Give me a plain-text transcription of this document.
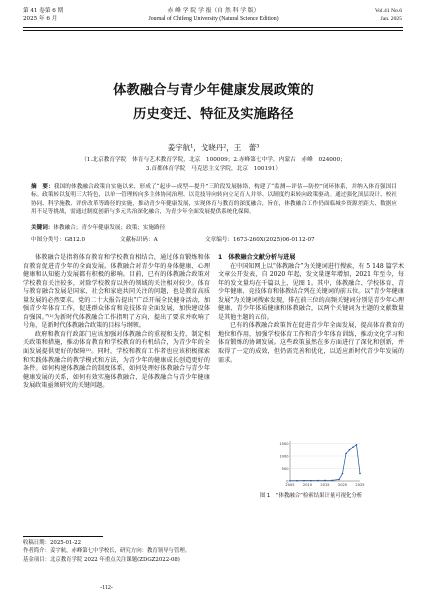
第 41 卷第 6 期
2025 年 6 月
赤 峰 学 院 学 报（自 然 科 学 版）
Journal of Chifeng University (Natural Science Edition)
Vol.41 No.6
Jan. 2025
体教融合与青少年健康发展政策的
历史变迁、特征及实施路径
姜宇航¹，戈晓丹²，王　蕾³
（1.北京教育学院　体育与艺术教育学院，北京　100009；2.赤峰第七中学，内蒙古　赤峰　024000；
3.首都体育学院　马克思主义学院，北京　100191）
摘　要：我国的体教融合政策自实施以来，形成了“起步—成型—提升”三阶段发展脉络，构建了“监测—评估—防控”闭环体系，并纳入体育强国目标。政策转以复明三大特色，以单一管理转向多主体协同治理、以竞技导向转向立足育人并举、以制度约束转向政策驱动。通过强化顶层设计、校社协同、科学施教、评价改革等路径的实施，推动青少年健康发展，实现体育与教育的深度融合，旨在，体教融合工作仍面临城乡资源差距大、数据应用不足等挑战，需通过制度创新与多元共治深化融合，为青少年全面发展提供系统化保障。
关键词：体教融合；青少年健康发展；政策；实施路径
中图分类号：G812.0	文献标识码：A	文章编号：1673-260X(2025)06-0112-07

体教融合是指将体育教育和学校教育相结合，通过体育锻炼和体育教育促进青少年的全面发展。体教融合对青少年的身体健康、心理健康和认知能力发展都有积极的影响。目前，已有的体教融合政策对学校教育关注较多，对除学校教育以外的领域的关注相对较少。体育与教育融合发展是国家、社会和家庭共同关注的问题，也是教育高质量发展的必然要求。党的二十大报告提出“广泛开展全民健身活动，加强青少年体育工作，促进群众体育和竞技体育全面发展，加快建设体育强国。”⁽¹⁾为新时代体教融合工作指明了方向，提出了要求并吹响了号角，是新时代体教融合政策的目标与纲领。

政府和教育行政部门应该加强对体教融合的重视和支持，制定相关政策和措施，推动体育教育和学校教育的有机结合，为青少年的全面发展提供更好的保障⁽²⁾。同时，学校和教育工作者也应该积极探索和实践体教融合的教学模式和方法，为青少年的健康成长创造更好的条件。如何构建体教融合的制度体系，如何处理好体教融合与青少年健康发展的关系，如何有效实施体教融合，是体教融合与青少年健康发展政策亟须研究的关键问题。

1　体教融合文献分析与进展

在中国知网上以“体教融合”为关键词进行搜索，有 5 148 篇学术文章公开发表，自 2020 年起，发文量逐年增加，2021 年至今，每年的发文量均在千篇以上，见图 1。其中，体教融合、学校体育、青少年健康、竞技体育和体教结合列在关键词的前五位。以“青少年健康发展”为关键词搜索发现，排在前三位的高频关键词分别是青少年心理健康、青少年体质健康和体教融合，以两个关键词为主题的文献数量是其他主题的五倍。

已有的体教融合政策旨在促进青少年全面发展，提高体育教育的地位和作用，加强学校体育工作和青少年体育训练，推动文化学习和体育锻炼的协调发展。这些政策虽然在多方面进行了深化和创新，并取得了一定的成效，但仍需完善和优化，以适应新时代青少年发展的需求。

0
500
1000
1500
2005 2010 2015 2020 2025
图 1　“体教融合”检索结果计量可视化分析
收稿日期：2025-01-22
作者简介：姜宇航，赤峰第七中学校长，研究方向：教育领导与管理。
基金项目：北京教育学院 2022 年重点关注课题(ZDGZ2022-08)
-112-
